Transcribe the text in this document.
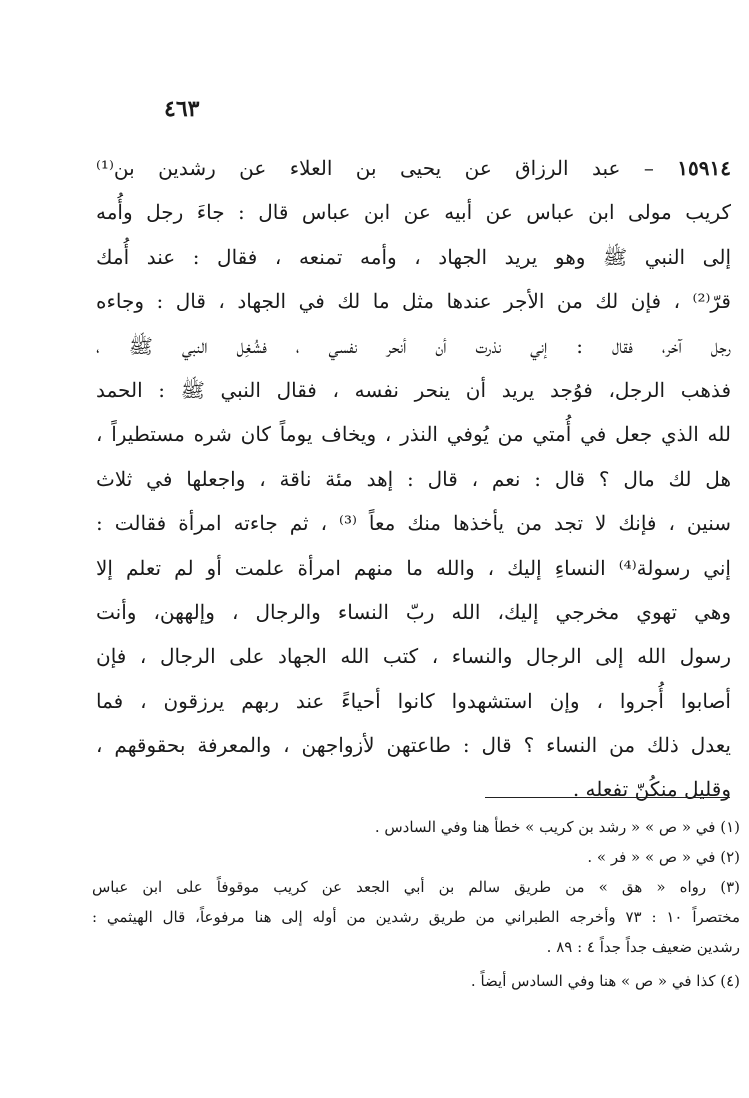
٤٦٣
١٥٩١٤ – عبد الرزاق عن يحيى بن العلاء عن رشدين بن⁽¹⁾
كريب مولى ابن عباس عن أبيه عن ابن عباس قال : جاءَ رجل وأُمه
إلى النبي ﷺ وهو يريد الجهاد ، وأمه تمنعه ، فقال : عند أُمك
قرّ⁽²⁾ ، فإن لك من الأجر عندها مثل ما لك في الجهاد ، قال : وجاءه
رجل آخر، فقال : إني نذرت أن أنحر نفسي ، فشُغِل النبي ﷺ ،
فذهب الرجل، فوُجد يريد أن ينحر نفسه ، فقال النبي ﷺ : الحمد
لله الذي جعل في أُمتي من يُوفي النذر ، ويخاف يوماً كان شره مستطيراً ،
هل لك مال ؟ قال : نعم ، قال : إهد مئة ناقة ، واجعلها في ثلاث
سنين ، فإنك لا تجد من يأخذها منك معاً ⁽³⁾ ، ثم جاءته امرأة فقالت :
إني رسولة⁽⁴⁾ النساءِ إليك ، والله ما منهم امرأة علمت أو لم تعلم إلا
وهي تهوي مخرجي إليك، الله ربّ النساء والرجال ، وإلههن، وأنت
رسول الله إلى الرجال والنساء ، كتب الله الجهاد على الرجال ، فإن
أصابوا أُجروا ، وإن استشهدوا كانوا أحياءً عند ربهم يرزقون ، فما
يعدل ذلك من النساء ؟ قال : طاعتهن لأزواجهن ، والمعرفة بحقوقهم ،
وقليل منكُنّ تفعله .
(١) في « ص » « رشد بن كريب » خطأ هنا وفي السادس .
(٢) في « ص » « فر » .
(٣) رواه « هق » من طريق سالم بن أبي الجعد عن كريب موقوفاً على ابن عباس
مختصراً ١٠ : ٧٣ وأخرجه الطبراني من طريق رشدين من أوله إلى هنا مرفوعاً، قال الهيثمي :
رشدين ضعيف جداً جداً ٤ : ٨٩ .
(٤) كذا في « ص » هنا وفي السادس أيضاً .
